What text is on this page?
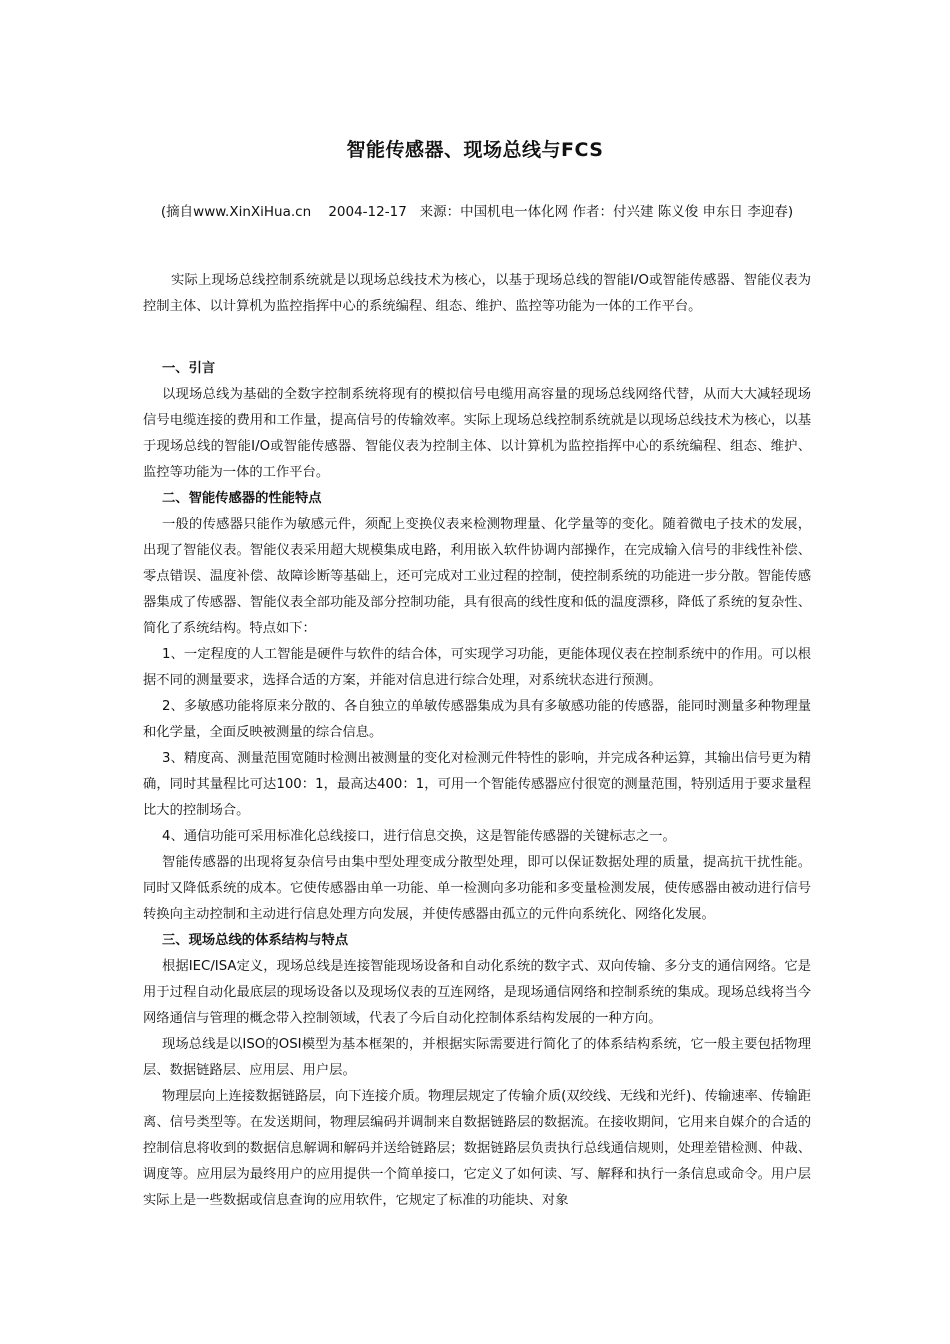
智能传感器、现场总线与FCS
(摘自www.XinXiHua.cn 2004-12-17 来源：中国机电一体化网 作者：付兴建 陈义俊 申东日 李迎春)

实际上现场总线控制系统就是以现场总线技术为核心，以基于现场总线的智能I/O或智能传感器、智能仪表为控制主体、以计算机为监控指挥中心的系统编程、组态、维护、监控等功能为一体的工作平台。

一、引言

以现场总线为基础的全数字控制系统将现有的模拟信号电缆用高容量的现场总线网络代替，从而大大减轻现场信号电缆连接的费用和工作量，提高信号的传输效率。实际上现场总线控制系统就是以现场总线技术为核心，以基于现场总线的智能I/O或智能传感器、智能仪表为控制主体、以计算机为监控指挥中心的系统编程、组态、维护、监控等功能为一体的工作平台。

二、智能传感器的性能特点

一般的传感器只能作为敏感元件，须配上变换仪表来检测物理量、化学量等的变化。随着微电子技术的发展，出现了智能仪表。智能仪表采用超大规模集成电路，利用嵌入软件协调内部操作，在完成输入信号的非线性补偿、零点错误、温度补偿、故障诊断等基础上，还可完成对工业过程的控制，使控制系统的功能进一步分散。智能传感器集成了传感器、智能仪表全部功能及部分控制功能，具有很高的线性度和低的温度漂移，降低了系统的复杂性、简化了系统结构。特点如下：

1、一定程度的人工智能是硬件与软件的结合体，可实现学习功能，更能体现仪表在控制系统中的作用。可以根据不同的测量要求，选择合适的方案，并能对信息进行综合处理，对系统状态进行预测。

2、多敏感功能将原来分散的、各自独立的单敏传感器集成为具有多敏感功能的传感器，能同时测量多种物理量和化学量，全面反映被测量的综合信息。

3、精度高、测量范围宽随时检测出被测量的变化对检测元件特性的影响，并完成各种运算，其输出信号更为精确，同时其量程比可达100：1，最高达400：1，可用一个智能传感器应付很宽的测量范围，特别适用于要求量程比大的控制场合。

4、通信功能可采用标准化总线接口，进行信息交换，这是智能传感器的关键标志之一。

智能传感器的出现将复杂信号由集中型处理变成分散型处理，即可以保证数据处理的质量，提高抗干扰性能。同时又降低系统的成本。它使传感器由单一功能、单一检测向多功能和多变量检测发展，使传感器由被动进行信号转换向主动控制和主动进行信息处理方向发展，并使传感器由孤立的元件向系统化、网络化发展。

三、现场总线的体系结构与特点

根据IEC/ISA定义，现场总线是连接智能现场设备和自动化系统的数字式、双向传输、多分支的通信网络。它是用于过程自动化最底层的现场设备以及现场仪表的互连网络，是现场通信网络和控制系统的集成。现场总线将当今网络通信与管理的概念带入控制领域，代表了今后自动化控制体系结构发展的一种方向。

现场总线是以ISO的OSI模型为基本框架的，并根据实际需要进行简化了的体系结构系统，它一般主要包括物理层、数据链路层、应用层、用户层。

物理层向上连接数据链路层，向下连接介质。物理层规定了传输介质(双绞线、无线和光纤)、传输速率、传输距离、信号类型等。在发送期间，物理层编码并调制来自数据链路层的数据流。在接收期间，它用来自媒介的合适的控制信息将收到的数据信息解调和解码并送给链路层；数据链路层负责执行总线通信规则，处理差错检测、仲裁、调度等。应用层为最终用户的应用提供一个简单接口，它定义了如何读、写、解释和执行一条信息或命令。用户层实际上是一些数据或信息查询的应用软件，它规定了标准的功能块、对象
